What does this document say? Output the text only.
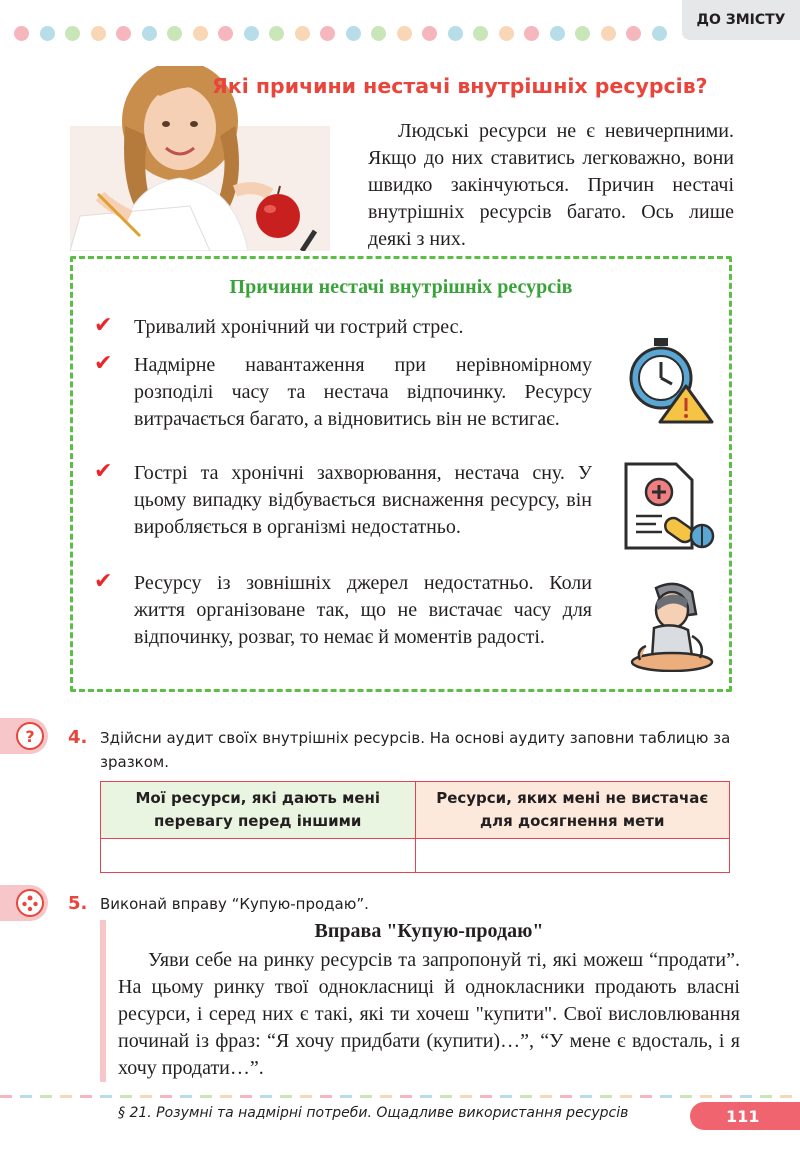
ДО ЗМІСТУ
Які причини нестачі внутрішніх ресурсів?

Людські ресурси не є невичерпними. Якщо до них ставитись легковажно, вони швидко закінчуються. Причин нестачі внутрішніх ресурсів багато. Ось лише деякі з них.

Причини нестачі внутрішніх ресурсів
✔	Тривалий хронічний чи гострий стрес.
✔	Надмірне навантаження при нерівномірному розподілі часу та нестача відпочинку. Ресурсу витрачається багато, а відновитись він не встигає.
✔	Гострі та хронічні захворювання, нестача сну. У цьому випадку відбувається виснаження ресурсу, він виробляється в організмі недостатньо.
✔	Ресурсу із зовнішніх джерел недостатньо. Коли життя організоване так, що не вистачає часу для відпочинку, розваг, то немає й моментів радості.
?	4. Здійсни аудит своїх внутрішніх ресурсів. На основі аудиту заповни таблицю за зразком.
Мої ресурси, які дають мені перевагу перед іншими	Ресурси, яких мені не вистачає для досягнення мети

5. Виконай вправу “Купую-продаю”.
Вправа "Купую-продаю"

Уяви себе на ринку ресурсів та запропонуй ті, які можеш “продати”. На цьому ринку твої однокласниці й однокласники продають власні ресурси, і серед них є такі, які ти хочеш "купити". Свої висловлювання починай із фраз: “Я хочу придбати (купити)…”, “У мене є вдосталь, і я хочу продати…”.

§ 21. Розумні та надмірні потреби. Ощадливе використання ресурсів	111
